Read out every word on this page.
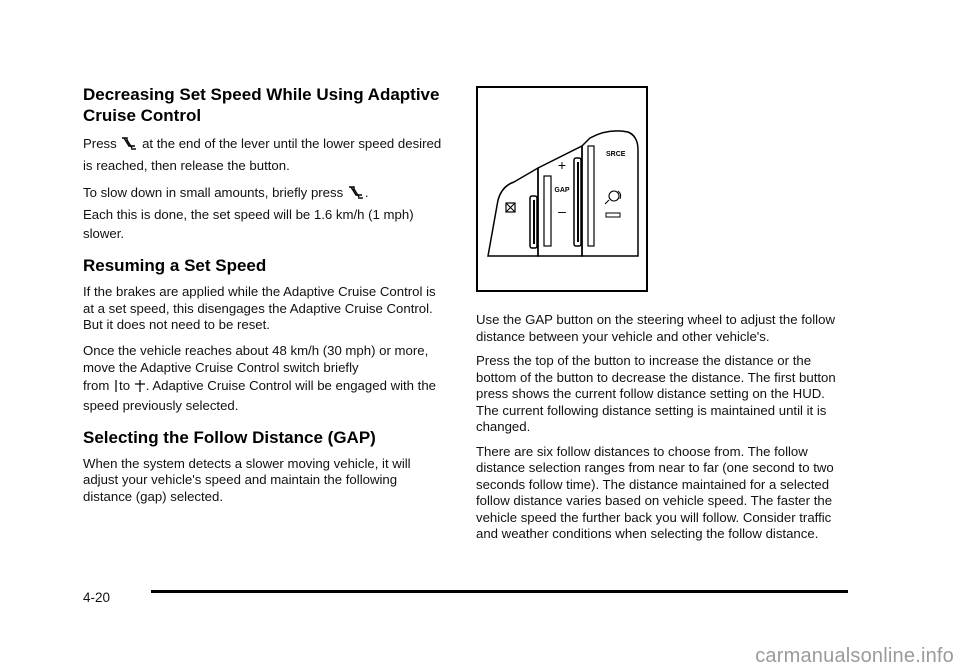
Decreasing Set Speed While Using Adaptive Cruise Control

Press at the end of the lever until the lower speed desired is reached, then release the button.

To slow down in small amounts, briefly press .
Each this is done, the set speed will be 1.6 km/h (1 mph) slower.

Resuming a Set Speed

If the brakes are applied while the Adaptive Cruise Control is at a set speed, this disengages the Adaptive Cruise Control. But it does not need to be reset.

Once the vehicle reaches about 48 km/h (30 mph) or more, move the Adaptive Cruise Control switch briefly
from to . Adaptive Cruise Control will be engaged with the speed previously selected.

Selecting the Follow Distance (GAP)

When the system detects a slower moving vehicle, it will adjust your vehicle's speed and maintain the following distance (gap) selected.

+
GAP
–
SRCE

Use the GAP button on the steering wheel to adjust the follow distance between your vehicle and other vehicle's.

Press the top of the button to increase the distance or the bottom of the button to decrease the distance. The first button press shows the current follow distance setting on the HUD. The current following distance setting is maintained until it is changed.

There are six follow distances to choose from. The follow distance selection ranges from near to far (one second to two seconds follow time). The distance maintained for a selected follow distance varies based on vehicle speed. The faster the vehicle speed the further back you will follow. Consider traffic and weather conditions when selecting the follow distance.

4-20
carmanualsonline.info
